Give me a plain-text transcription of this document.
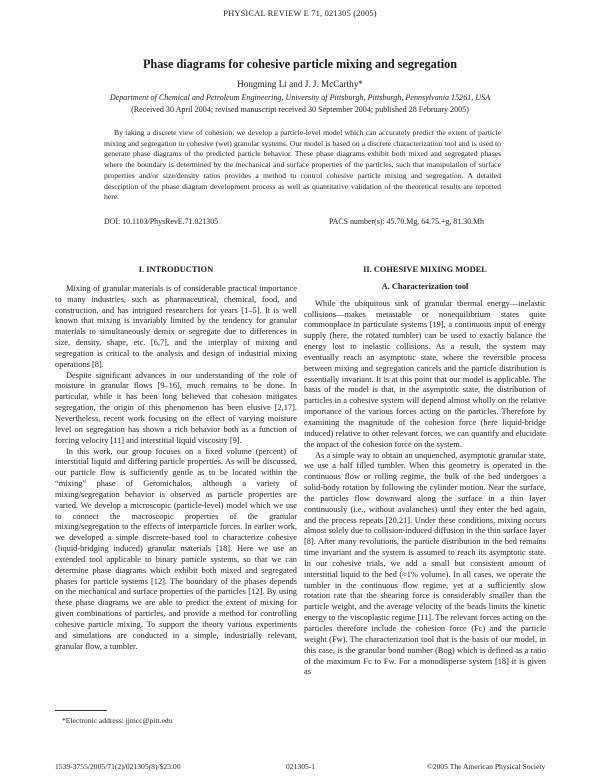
PHYSICAL REVIEW E 71, 021305 (2005)
Phase diagrams for cohesive particle mixing and segregation
Hongming Li and J. J. McCarthy*
Department of Chemical and Petroleum Engineering, University of Pittsburgh, Pittsburgh, Pennsylvania 15261, USA
(Received 30 April 2004; revised manuscript received 30 September 2004; published 28 February 2005)
By taking a discrete view of cohesion, we develop a particle-level model which can accurately predict the extent of particle mixing and segregation in cohesive (wet) granular systems. Our model is based on a discrete characterization tool and is used to generate phase diagrams of the predicted particle behavior. These phase diagrams exhibit both mixed and segregated phases where the boundary is determined by the mechanical and surface properties of the particles, such that manipulation of surface properties and/or size/density ratios provides a method to control cohesive particle mixing and segregation. A detailed description of the phase diagram development process as well as quantitative validation of the theoretical results are reported here.
DOI: 10.1103/PhysRevE.71.021305	PACS number(s): 45.70.Mg, 64.75.+g, 81.30.Mh
I. INTRODUCTION

Mixing of granular materials is of considerable practical importance to many industries, such as pharmaceutical, chemical, food, and construction, and has intrigued researchers for years [1–5]. It is well known that mixing is invariably limited by the tendency for granular materials to simultaneously demix or segregate due to differences in size, density, shape, etc. [6,7], and the interplay of mixing and segregation is critical to the analysis and design of industrial mixing operations [8].

Despite significant advances in our understanding of the role of moisture in granular flows [9–16], much remains to be done. In particular, while it has been long believed that cohesion mitigates segregation, the origin of this phenomenon has been elusive [2,17]. Nevertheless, recent work focusing on the effect of varying moisture level on segregation has shown a rich behavior both as a function of forcing velocity [11] and interstitial liquid viscosity [9].

In this work, our group focuses on a fixed volume (percent) of interstitial liquid and differing particle properties. As will be discussed, our particle flow is sufficiently gentle as to be located within the “mixing” phase of Geromichalos, although a variety of mixing/segregation behavior is observed as particle properties are varied. We develop a microscopic (particle-level) model which we use to connect the macroscopic properties of the granular mixing/segregation to the effects of interparticle forces. In earlier work, we developed a simple discrete-based tool to characterize cohesive (liquid-bridging induced) granular materials [18]. Here we use an extended tool applicable to binary particle systems, so that we can determine phase diagrams which exhibit both mixed and segregated phases for particle systems [12]. The boundary of the phases depends on the mechanical and surface properties of the particles [12]. By using these phase diagrams we are able to predict the extent of mixing for given combinations of particles, and provide a method for controlling cohesive particle mixing. To support the theory various experiments and simulations are conducted in a simple, industrially relevant, granular flow, a tumbler.

II. COHESIVE MIXING MODEL
A. Characterization tool

While the ubiquitous sink of granular thermal energy—inelastic collisions—makes metastable or nonequilibrium states quite commonplace in particulate systems [19], a continuous input of energy supply (here, the rotated tumbler) can be used to exactly balance the energy lost to inelastic collisions. As a result, the system may eventually reach an asymptotic state, where the reversible process between mixing and segregation cancels and the particle distribution is essentially invariant. It is at this point that our model is applicable. The basis of the model is that, in the asymptotic state, the distribution of particles in a cohesive system will depend almost wholly on the relative importance of the various forces acting on the particles. Therefore by examining the magnitude of the cohesion force (here liquid-bridge induced) relative to other relevant forces, we can quantify and elucidate the impact of the cohesion force on the system.

As a simple way to obtain an unquenched, asymptotic granular state, we use a half filled tumbler. When this geometry is operated in the continuous flow or rolling regime, the bulk of the bed undergoes a solid-body rotation by following the cylinder motion. Near the surface, the particles flow downward along the surface in a thin layer continuously (i.e., without avalanches) until they enter the bed again, and the process repeats [20,21]. Under these conditions, mixing occurs almost solely due to collision-induced diffusion in the thin surface layer [8]. After many revolutions, the particle distribution in the bed remains time invariant and the system is assumed to reach its asymptotic state. In our cohesive trials, we add a small but consistent amount of interstitial liquid to the bed (≈1% volume). In all cases, we operate the tumbler in the continuous flow regime, yet at a sufficiently slow rotation rate that the shearing force is considerably smaller than the particle weight, and the average velocity of the beads limits the kinetic energy to the viscoplastic regime [11]. The relevant forces acting on the particles therefore include the cohesion force (Fc) and the particle weight (Fw). The characterization tool that is the basis of our model, in this case, is the granular bond number (Bog) which is defined as a ratio of the maximum Fc to Fw. For a monodisperse system [18] it is given as

*Electronic address: jjmcc@pitt.edu
1539-3755/2005/71(2)/021305(8)/$23.00	021305-1	©2005 The American Physical Society
